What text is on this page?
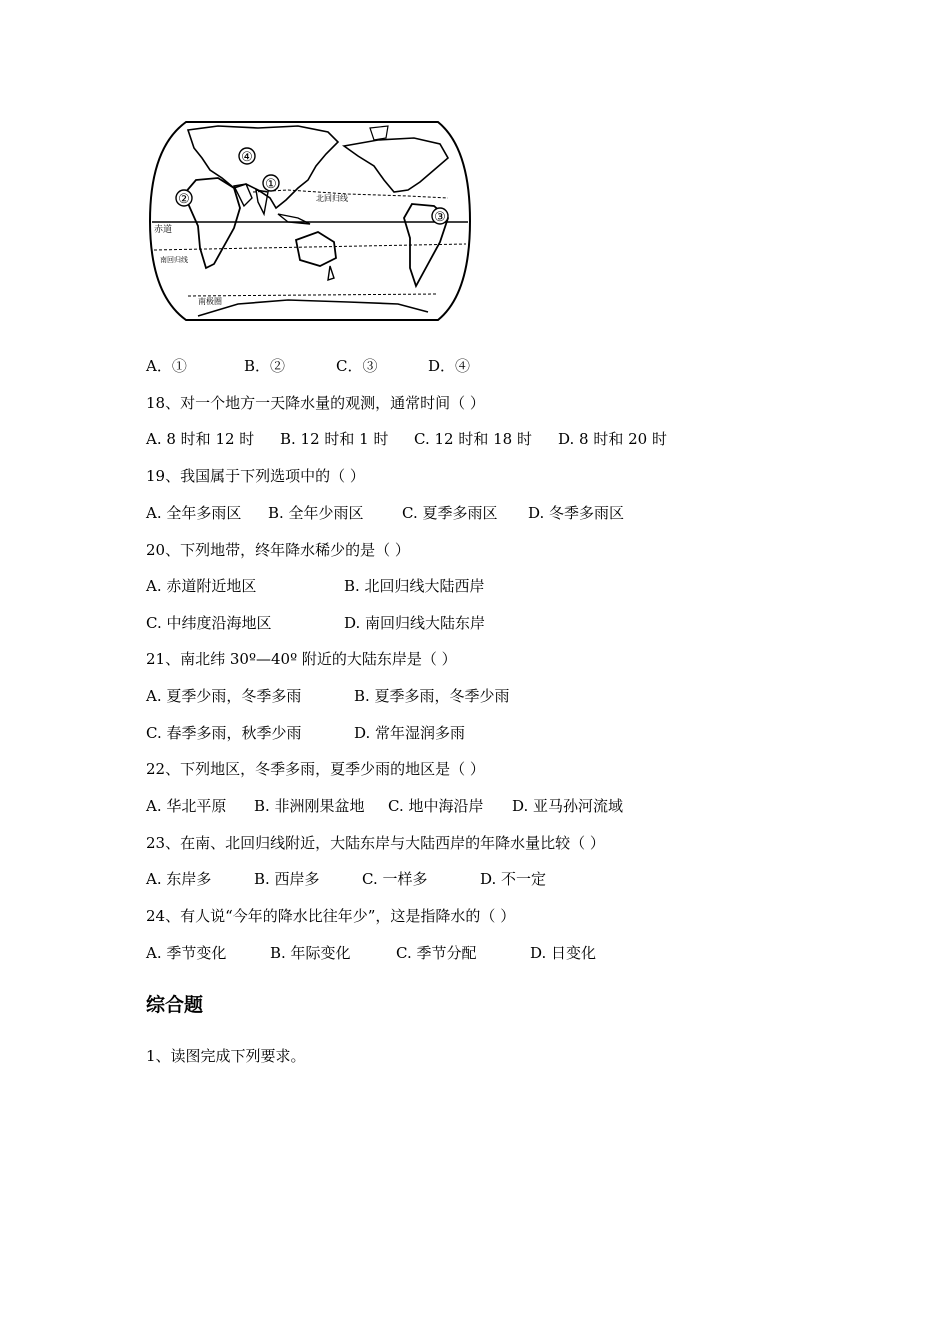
①
②
③
④
北回归线
赤道
南回归线
南极圈
A．①	B．②	C．③	D．④
18、对一个地方一天降水量的观测，通常时间（ ）
A. 8 时和 12 时 B. 12 时和 1 时 C. 12 时和 18 时 D. 8 时和 20 时
19、我国属于下列选项中的（ ）
A. 全年多雨区 B. 全年少雨区	C. 夏季多雨区 D. 冬季多雨区
20、下列地带，终年降水稀少的是（ ）
A. 赤道附近地区	B. 北回归线大陆西岸
C. 中纬度沿海地区	D. 南回归线大陆东岸
21、南北纬 30º—40º 附近的大陆东岸是（ ）
A. 夏季少雨，冬季多雨	B. 夏季多雨，冬季少雨
C. 春季多雨，秋季少雨	D. 常年湿润多雨
22、下列地区，冬季多雨，夏季少雨的地区是（ ）
A. 华北平原 B. 非洲刚果盆地 C. 地中海沿岸 D. 亚马孙河流域
23、在南、北回归线附近，大陆东岸与大陆西岸的年降水量比较（ ）
A. 东岸多	B. 西岸多	C. 一样多	D. 不一定
24、有人说“今年的降水比往年少”，这是指降水的（ ）
A. 季节变化	B. 年际变化	C. 季节分配	D. 日变化
综合题
1、读图完成下列要求。
